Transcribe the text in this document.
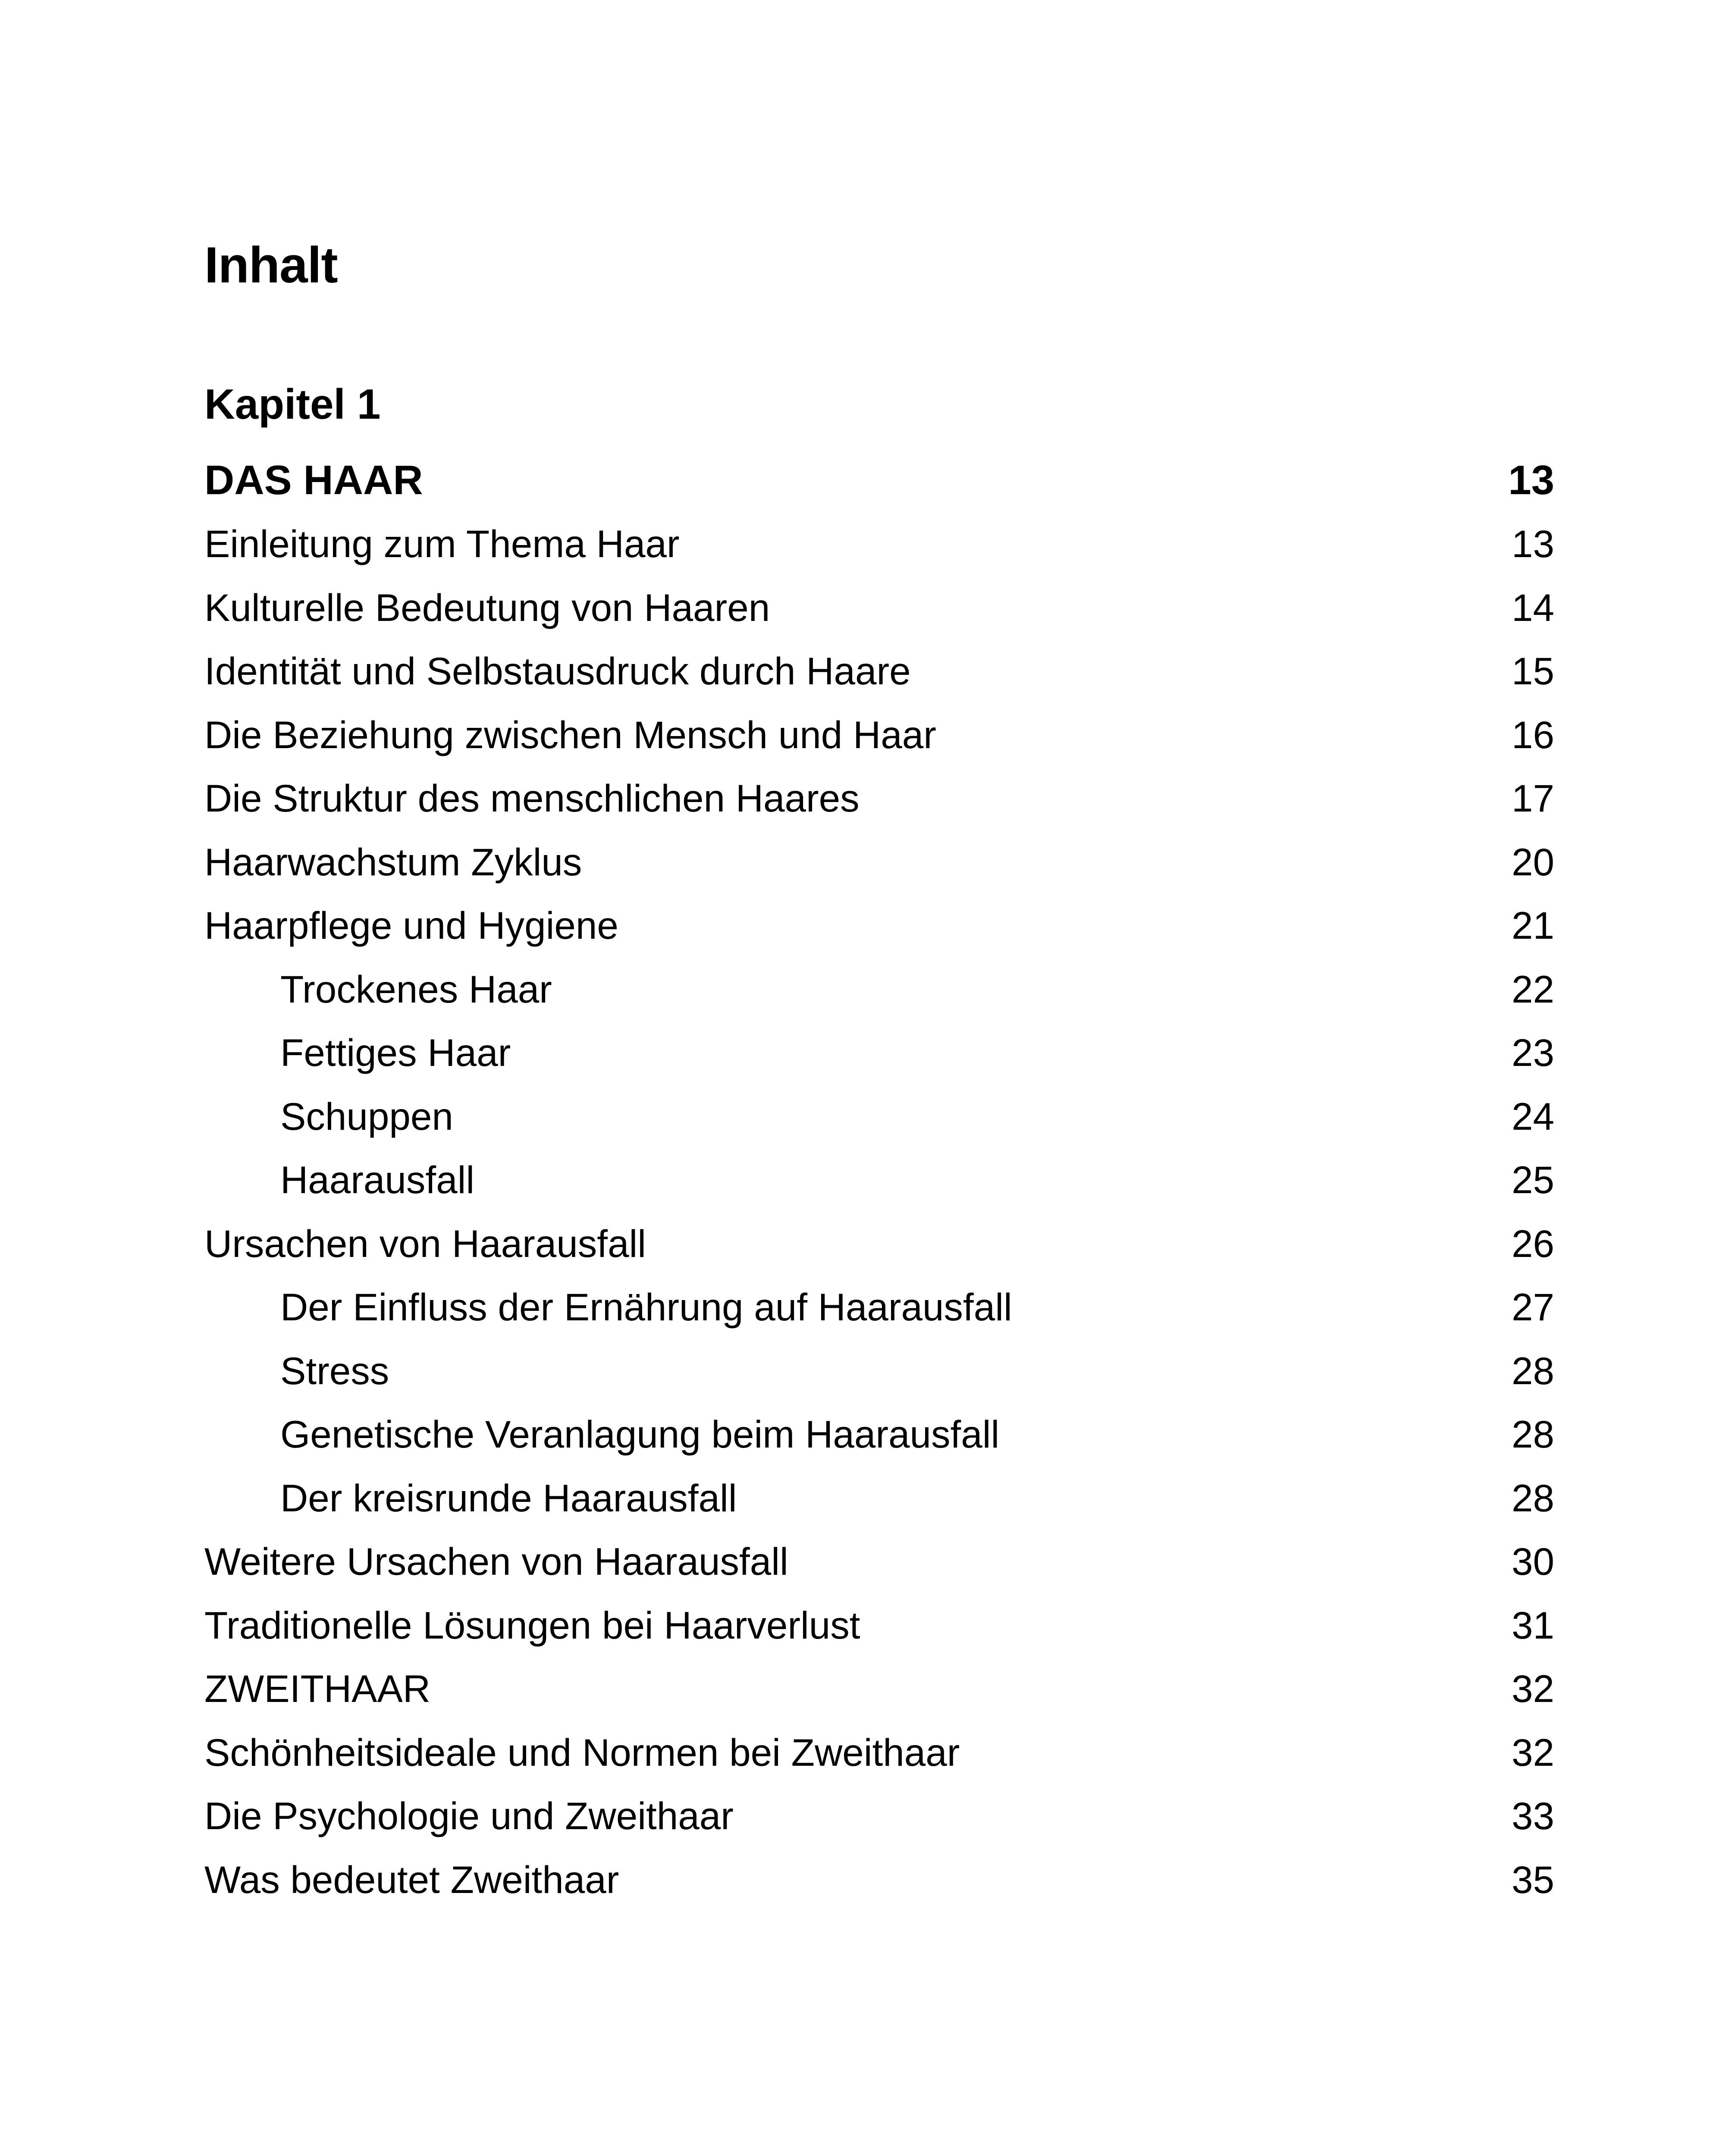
Inhalt
Kapitel 1
DAS HAAR	13
Einleitung zum Thema Haar	13
Kulturelle Bedeutung von Haaren	14
Identität und Selbstausdruck durch Haare	15
Die Beziehung zwischen Mensch und Haar	16
Die Struktur des menschlichen Haares	17
Haarwachstum Zyklus	20
Haarpflege und Hygiene	21
Trockenes Haar	22
Fettiges Haar	23
Schuppen	24
Haarausfall	25
Ursachen von Haarausfall	26
Der Einfluss der Ernährung auf Haarausfall	27
Stress	28
Genetische Veranlagung beim Haarausfall	28
Der kreisrunde Haarausfall	28
Weitere Ursachen von Haarausfall	30
Traditionelle Lösungen bei Haarverlust	31
ZWEITHAAR	32
Schönheitsideale und Normen bei Zweithaar	32
Die Psychologie und Zweithaar	33
Was bedeutet Zweithaar	35
